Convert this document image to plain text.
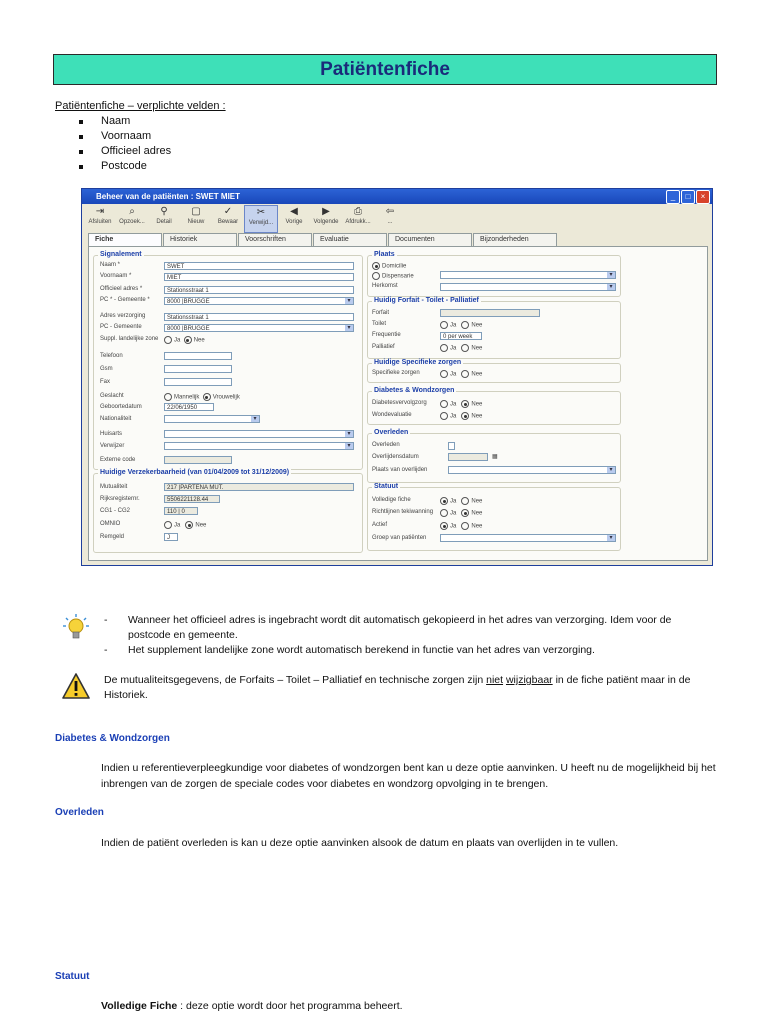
Patiëntenfiche
Patiëntenfiche – verplichte velden :
Naam
Voornaam
Officieel adres
Postcode
Beheer van de patiënten : SWET MIET	_	□	×
⇥
Afsluiten
⌕
Opzoek...
⚲
Detail
▢
Nieuw
✓
Bewaar
✂
Verwijd...
◀
Vorige
▶
Volgende
⎙
Afdrukk...
⇦
...
Fiche	Historiek	Voorschriften	Evaluatie	Documenten	Bijzonderheden
Signalement
Naam *	SWET
Voornaam *	MIET
Officieel adres *	Stationsstraat 1
PC * - Gemeente *	8000 |BRUGGE ▾
Adres verzorging	Stationsstraat 1
PC - Gemeente	8000 |BRUGGE ▾
Suppl. landelijke zone	Ja Nee
Telefoon
Gsm
Fax
Geslacht	Mannelijk Vrouwelijk
Geboortedatum	22/06/1950
Nationaliteit
▾
Huisarts
▾
Verwijzer
▾
Externe code
Huidige Verzekerbaarheid (van 01/04/2009 tot 31/12/2009)
Mutualiteit	217 |PARTENA MUT.
Rijksregisternr.	5506221128.44
CG1 - CG2	110 | 0
OMNIO	Ja	Nee
Remgeld	J
Plaats
Domicilie
Dispensarie
▾
Herkomst
▾
Huidig Forfait - Toilet - Palliatief
Forfait
Toilet	Ja	Nee
Frequentie	0 per week
Palliatief	Ja	Nee
Huidige Specifieke zorgen
Specifieke zorgen	Ja	Nee
Diabetes & Wondzorgen
Diabetesvervolgzorg	Ja	Nee
Wondevaluatie	Ja	Nee
Overleden
Overleden
Overlijdensdatum	▦
Plaats van overlijden
▾
Statuut
Volledige fiche	Ja	Nee
Richtlijnen tekiwanning	Ja	Nee
Actief	Ja	Nee
Groep van patiënten
▾
- Wanneer het officieel adres is ingebracht wordt dit automatisch gekopieerd in het adres van verzorging. Idem voor de postcode en gemeente.
- Het supplement landelijke zone wordt automatisch berekend in functie van het adres van verzorging.
De mutualiteitsgegevens, de Forfaits – Toilet – Palliatief en technische zorgen zijn niet wijzigbaar in de fiche patiënt maar in de Historiek.
Diabetes & Wondzorgen
Indien u referentieverpleegkundige voor diabetes of wondzorgen bent kan u deze optie aanvinken. U heeft nu de mogelijkheid bij het inbrengen van de zorgen de speciale codes voor diabetes en wondzorg opvolging in te brengen.
Overleden
Indien de patiënt overleden is kan u deze optie aanvinken alsook de datum en plaats van overlijden in te vullen.
Statuut
Volledige Fiche : deze optie wordt door het programma beheert.
